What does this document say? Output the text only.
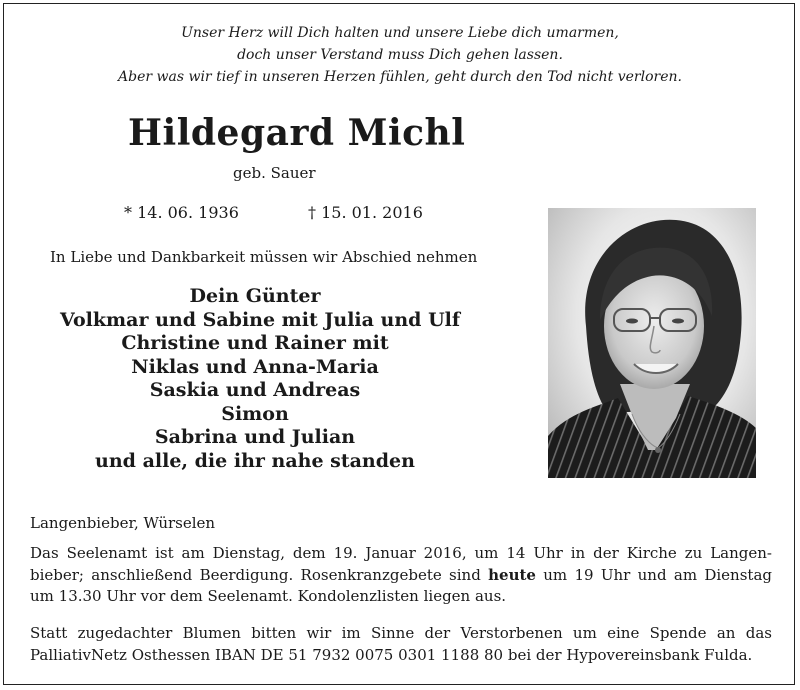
Unser Herz will Dich halten und unsere Liebe dich umarmen,
doch unser Verstand muss Dich gehen lassen.
Aber was wir tief in unseren Herzen fühlen, geht durch den Tod nicht verloren.
Hildegard Michl
geb. Sauer
* 14. 06. 1936	† 15. 01. 2016
In Liebe und Dankbarkeit müssen wir Abschied nehmen
Dein Günter
Volkmar und Sabine mit Julia und Ulf
Christine und Rainer mit
Niklas und Anna-Maria
Saskia und Andreas
Simon
Sabrina und Julian
und alle, die ihr nahe standen
Langenbieber, Würselen
Das Seelenamt ist am Dienstag, dem 19. Januar 2016, um 14 Uhr in der Kirche zu Langen-
bieber; anschließend Beerdigung. Rosenkranzgebete sind heute um 19 Uhr und am Dienstag
um 13.30 Uhr vor dem Seelenamt. Kondolenzlisten liegen aus.
Statt zugedachter Blumen bitten wir im Sinne der Verstorbenen um eine Spende an das
PalliativNetz Osthessen IBAN DE 51 7932 0075 0301 1188 80 bei der Hypovereinsbank Fulda.
